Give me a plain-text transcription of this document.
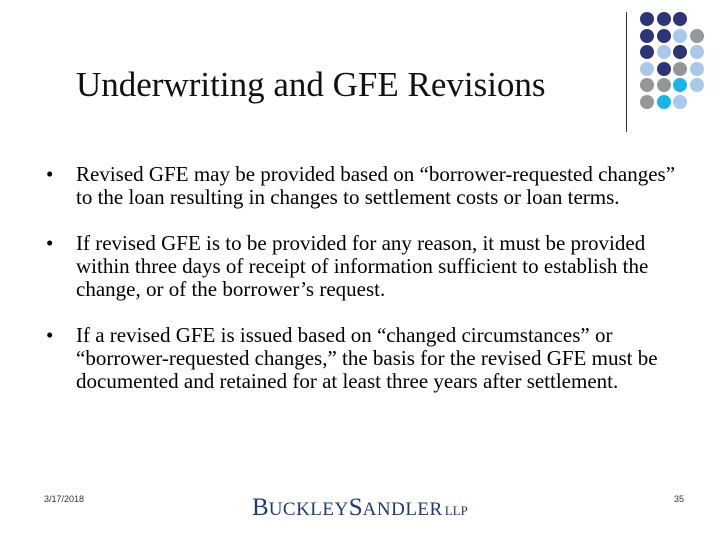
Underwriting and GFE Revisions
• Revised GFE may be provided based on “borrower-requested changes” to the loan resulting in changes to settlement costs or loan terms.
• If revised GFE is to be provided for any reason, it must be provided within three days of receipt of information sufficient to establish the change, or of the borrower’s request.
• If a revised GFE is issued based on “changed circumstances” or “borrower-requested changes,” the basis for the revised GFE must be documented and retained for at least three years after settlement.
3/17/2018	BUCKLEYSANDLER LLP
35
